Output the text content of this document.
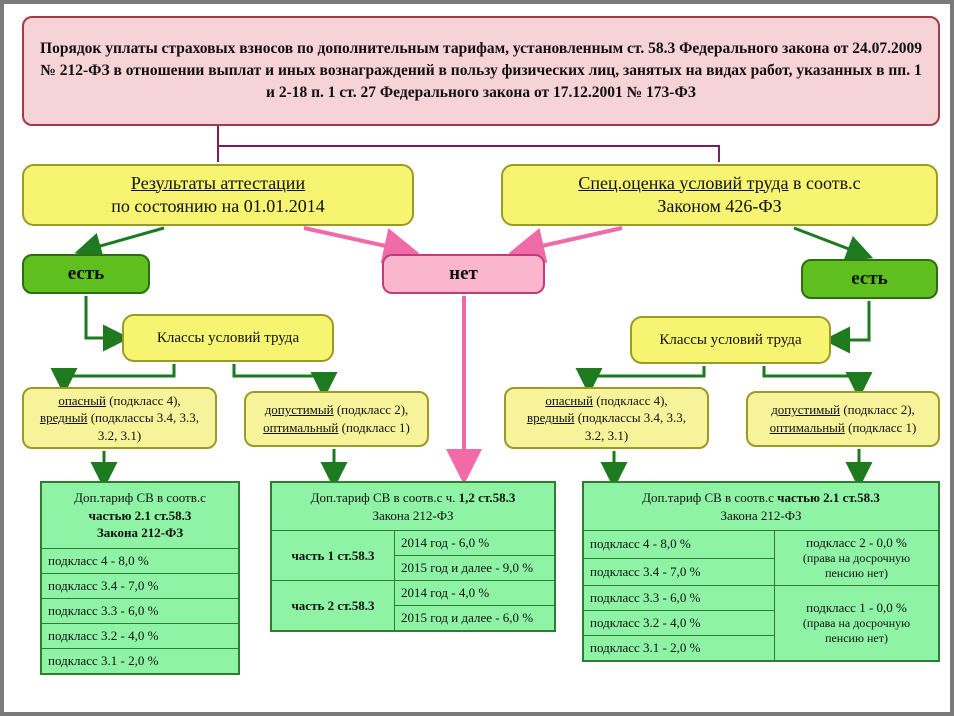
Порядок уплаты страховых взносов по дополнительным тарифам, установленным ст. 58.3 Федерального закона от 24.07.2009 № 212-ФЗ в отношении выплат и иных вознаграждений в пользу физических лиц, занятых на видах работ, указанных в пп. 1 и 2-18 п. 1 ст. 27 Федерального закона от 17.12.2001 № 173-ФЗ
Результаты аттестации
по состоянию на 01.01.2014
Спец.оценка условий труда в соотв.с
Законом 426-ФЗ
есть	нет	есть
Классы условий труда	Классы условий труда
опасный (подкласс 4),
вредный (подклассы 3.4, 3.3,
3.2, 3.1)
допустимый (подкласс 2),
оптимальный (подкласс 1)
опасный (подкласс 4),
вредный (подклассы 3.4, 3.3,
3.2, 3.1)
допустимый (подкласс 2),
оптимальный (подкласс 1)
Доп.тариф СВ в соотв.с
частью 2.1 ст.58.3
Закона 212-ФЗ

подкласс 4 - 8,0 %
подкласс 3.4 - 7,0 %
подкласс 3.3 - 6,0 %
подкласс 3.2 - 4,0 %
подкласс 3.1 - 2,0 %
Доп.тариф СВ в соотв.с ч. 1,2 ст.58.3
Закона 212-ФЗ	

часть 1 ст.58.3	2014 год - 6,0 %
	2015 год и далее - 9,0 %
часть 2 ст.58.3	2014 год - 4,0 %
	2015 год и далее - 6,0 %
Доп.тариф СВ в соотв.с частью 2.1 ст.58.3
Закона 212-ФЗ	

подкласс 4 - 8,0 %	подкласс 2 - 0,0 %
(права на досрочную
пенсию нет)

подкласс 3.4 - 7,0 %	
подкласс 3.3 - 6,0 %	подкласс 1 - 0,0 %
(права на досрочную
пенсию нет)

подкласс 3.2 - 4,0 %	
подкласс 3.1 - 2,0 %	
